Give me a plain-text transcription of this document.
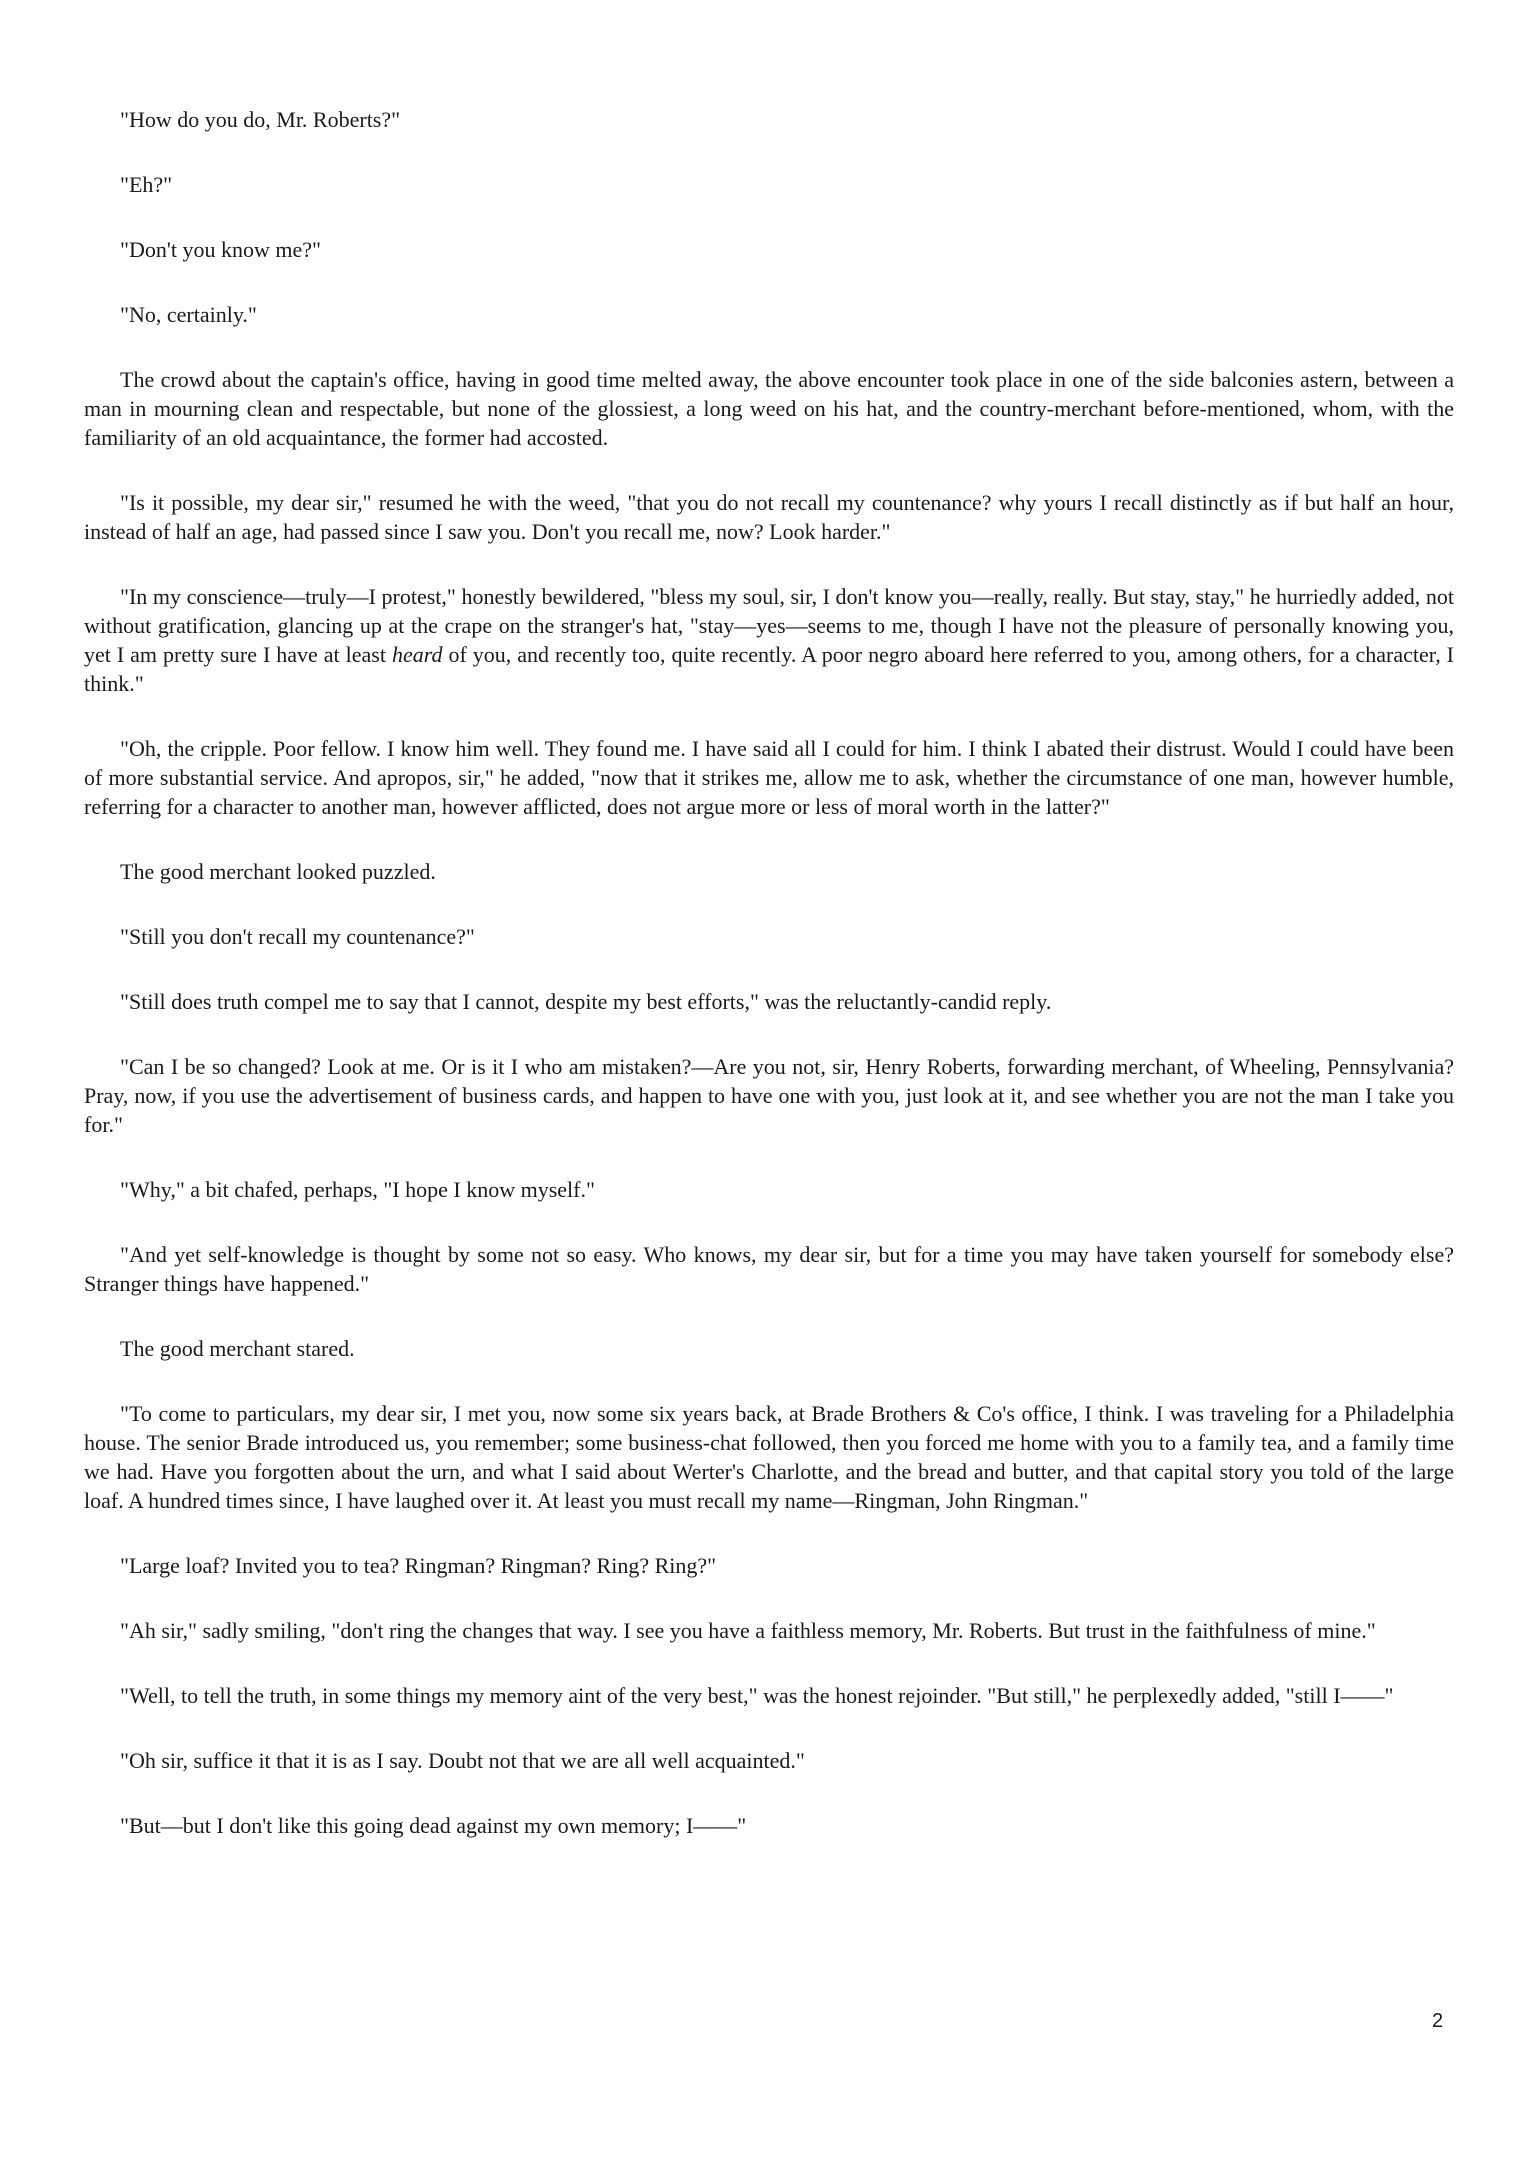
"How do you do, Mr. Roberts?"

"Eh?"

"Don't you know me?"

"No, certainly."

The crowd about the captain's office, having in good time melted away, the above encounter took place in one of the side balconies astern, between a man in mourning clean and respectable, but none of the glossiest, a long weed on his hat, and the country-merchant before-mentioned, whom, with the familiarity of an old acquaintance, the former had accosted.

"Is it possible, my dear sir," resumed he with the weed, "that you do not recall my countenance? why yours I recall distinctly as if but half an hour, instead of half an age, had passed since I saw you. Don't you recall me, now? Look harder."

"In my conscience—truly—I protest," honestly bewildered, "bless my soul, sir, I don't know you—really, really. But stay, stay," he hurriedly added, not without gratification, glancing up at the crape on the stranger's hat, "stay—yes—seems to me, though I have not the pleasure of personally knowing you, yet I am pretty sure I have at least heard of you, and recently too, quite recently. A poor negro aboard here referred to you, among others, for a character, I think."

"Oh, the cripple. Poor fellow. I know him well. They found me. I have said all I could for him. I think I abated their distrust. Would I could have been of more substantial service. And apropos, sir," he added, "now that it strikes me, allow me to ask, whether the circumstance of one man, however humble, referring for a character to another man, however afflicted, does not argue more or less of moral worth in the latter?"

The good merchant looked puzzled.

"Still you don't recall my countenance?"

"Still does truth compel me to say that I cannot, despite my best efforts," was the reluctantly-candid reply.

"Can I be so changed? Look at me. Or is it I who am mistaken?—Are you not, sir, Henry Roberts, forwarding merchant, of Wheeling, Pennsylvania? Pray, now, if you use the advertisement of business cards, and happen to have one with you, just look at it, and see whether you are not the man I take you for."

"Why," a bit chafed, perhaps, "I hope I know myself."

"And yet self-knowledge is thought by some not so easy. Who knows, my dear sir, but for a time you may have taken yourself for somebody else? Stranger things have happened."

The good merchant stared.

"To come to particulars, my dear sir, I met you, now some six years back, at Brade Brothers & Co's office, I think. I was traveling for a Philadelphia house. The senior Brade introduced us, you remember; some business-chat followed, then you forced me home with you to a family tea, and a family time we had. Have you forgotten about the urn, and what I said about Werter's Charlotte, and the bread and butter, and that capital story you told of the large loaf. A hundred times since, I have laughed over it. At least you must recall my name—Ringman, John Ringman."

"Large loaf? Invited you to tea? Ringman? Ringman? Ring? Ring?"

"Ah sir," sadly smiling, "don't ring the changes that way. I see you have a faithless memory, Mr. Roberts. But trust in the faithfulness of mine."

"Well, to tell the truth, in some things my memory aint of the very best," was the honest rejoinder. "But still," he perplexedly added, "still I——"

"Oh sir, suffice it that it is as I say. Doubt not that we are all well acquainted."

"But—but I don't like this going dead against my own memory; I——"

2
